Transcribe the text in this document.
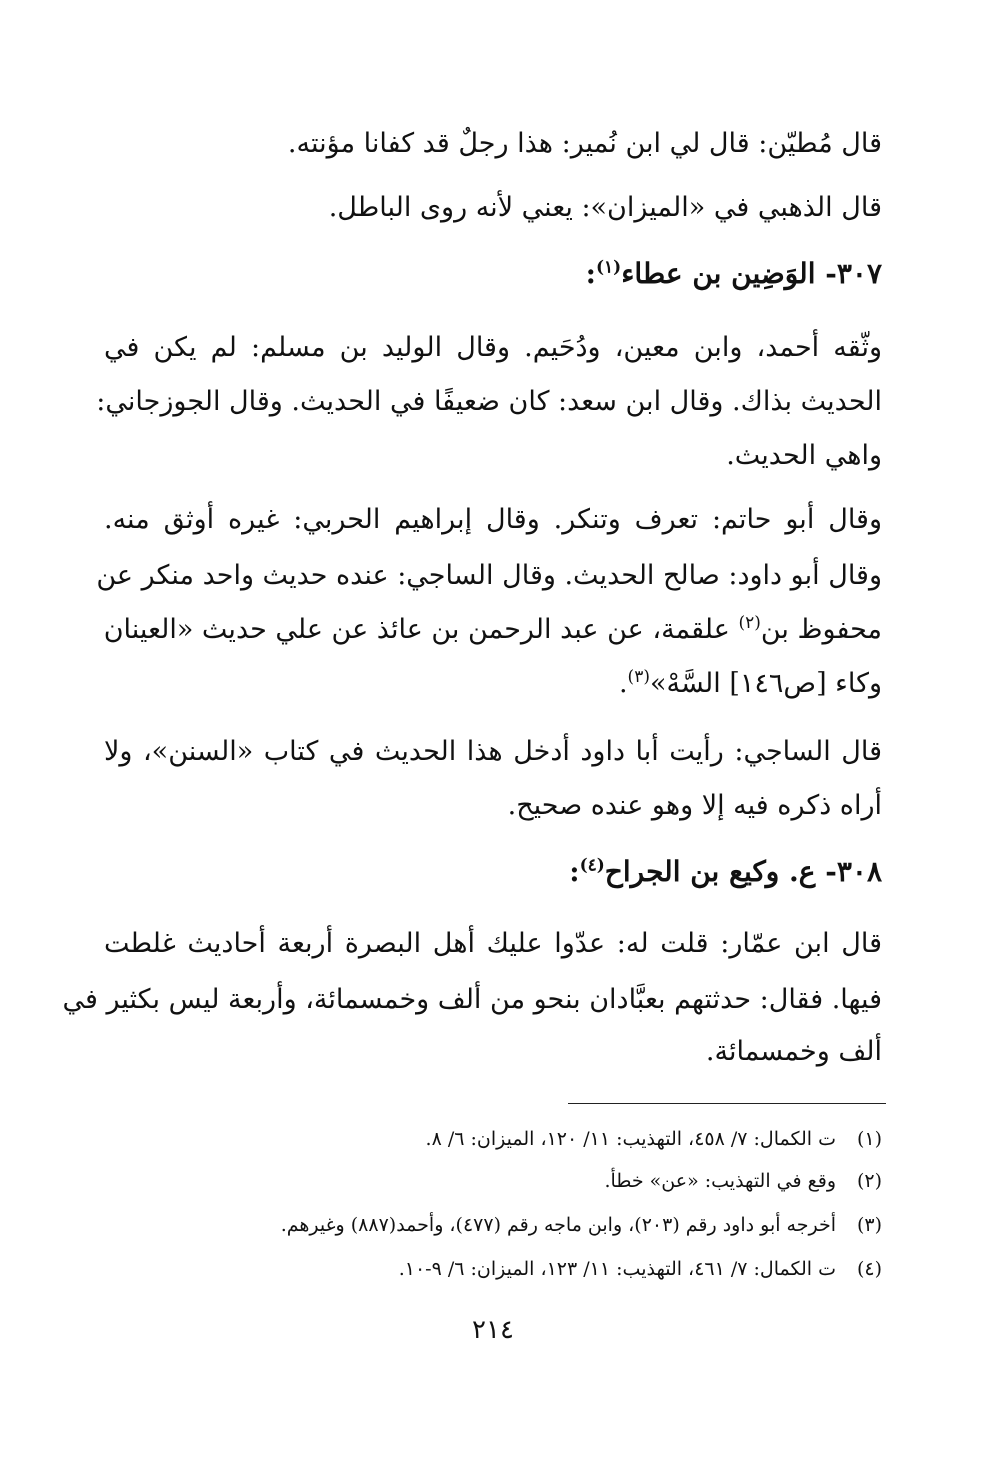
قال مُطيّن: قال لي ابن نُمير: هذا رجلٌ قد كفانا مؤنته.
قال الذهبي في «الميزان»: يعني لأنه روى الباطل.
٣٠٧- الوَضِين بن عطاء$^{(١)}$:
وثّقه أحمد، وابن معين، ودُحَيم. وقال الوليد بن مسلم: لم يكن في
الحديث بذاك. وقال ابن سعد: كان ضعيفًا في الحديث. وقال الجوزجاني:
واهي الحديث.
وقال أبو حاتم: تعرف وتنكر. وقال إبراهيم الحربي: غيره أوثق منه.
وقال أبو داود: صالح الحديث. وقال الساجي: عنده حديث واحد منكر عن
محفوظ بن$^{(٢)}$ علقمة، عن عبد الرحمن بن عائذ عن علي حديث «العينان
وكاء [ص١٤٦] السَّهْ»$^{(٣)}$.
قال الساجي: رأيت أبا داود أدخل هذا الحديث في كتاب «السنن»، ولا
أراه ذكره فيه إلا وهو عنده صحيح.
٣٠٨- ع. وكيع بن الجراح$^{(٤)}$:
قال ابن عمّار: قلت له: عدّوا عليك أهل البصرة أربعة أحاديث غلطت
فيها. فقال: حدثتهم بعبَّادان بنحو من ألف وخمسمائة، وأربعة ليس بكثير في
ألف وخمسمائة.
(١)ت الكمال: ٧/ ٤٥٨، التهذيب: ١١/ ١٢٠، الميزان: ٦/ ٨.
(٢)وقع في التهذيب: «عن» خطأ.
(٣)أخرجه أبو داود رقم (٢٠٣)، وابن ماجه رقم (٤٧٧)، وأحمد(٨٨٧) وغيرهم.
(٤)ت الكمال: ٧/ ٤٦١، التهذيب: ١١/ ١٢٣، الميزان: ٦/ ٩-١٠.
٢١٤
